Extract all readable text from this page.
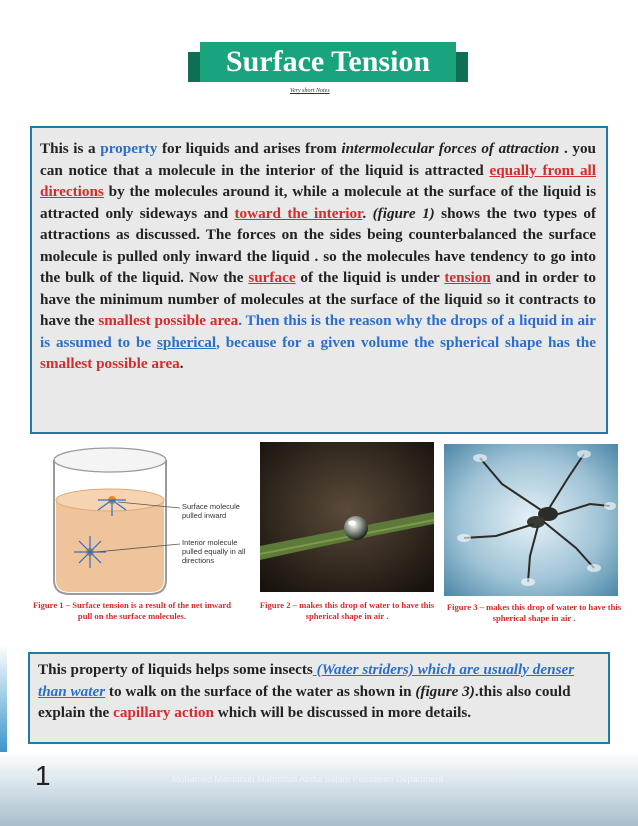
Surface Tension
Very short Notes

This is a property for liquids and arises from intermolecular forces of attraction . you can notice that a molecule in the interior of the liquid is attracted equally from all directions by the molecules around it, while a molecule at the surface of the liquid is attracted only sideways and toward the interior. (figure 1) shows the two types of attractions as discussed. The forces on the sides being counterbalanced the surface molecule is pulled only inward the liquid . so the molecules have tendency to go into the bulk of the liquid. Now the surface of the liquid is under tension and in order to have the minimum number of molecules at the surface of the liquid so it contracts to have the smallest possible area. Then this is the reason why the drops of a liquid in air is assumed to be spherical, because for a given volume the spherical shape has the smallest possible area.

Surface molecule pulled inward
Interior molecule pulled equally in all directions
Figure 1 – Surface tension is a result of the net inward pull on the surface molecules.
Figure 2 – makes this drop of water to have this spherical shape in air .
Figure 3 – makes this drop of water to have this spherical shape in air .

This property of liquids helps some insects (Water striders) which are usually denser than water to walk on the surface of the water as shown in (figure 3).this also could explain the capillary action which will be discussed in more details.

1	Mohamed Mamdouh Mahmoud Abdul Salam Petroleum Department
